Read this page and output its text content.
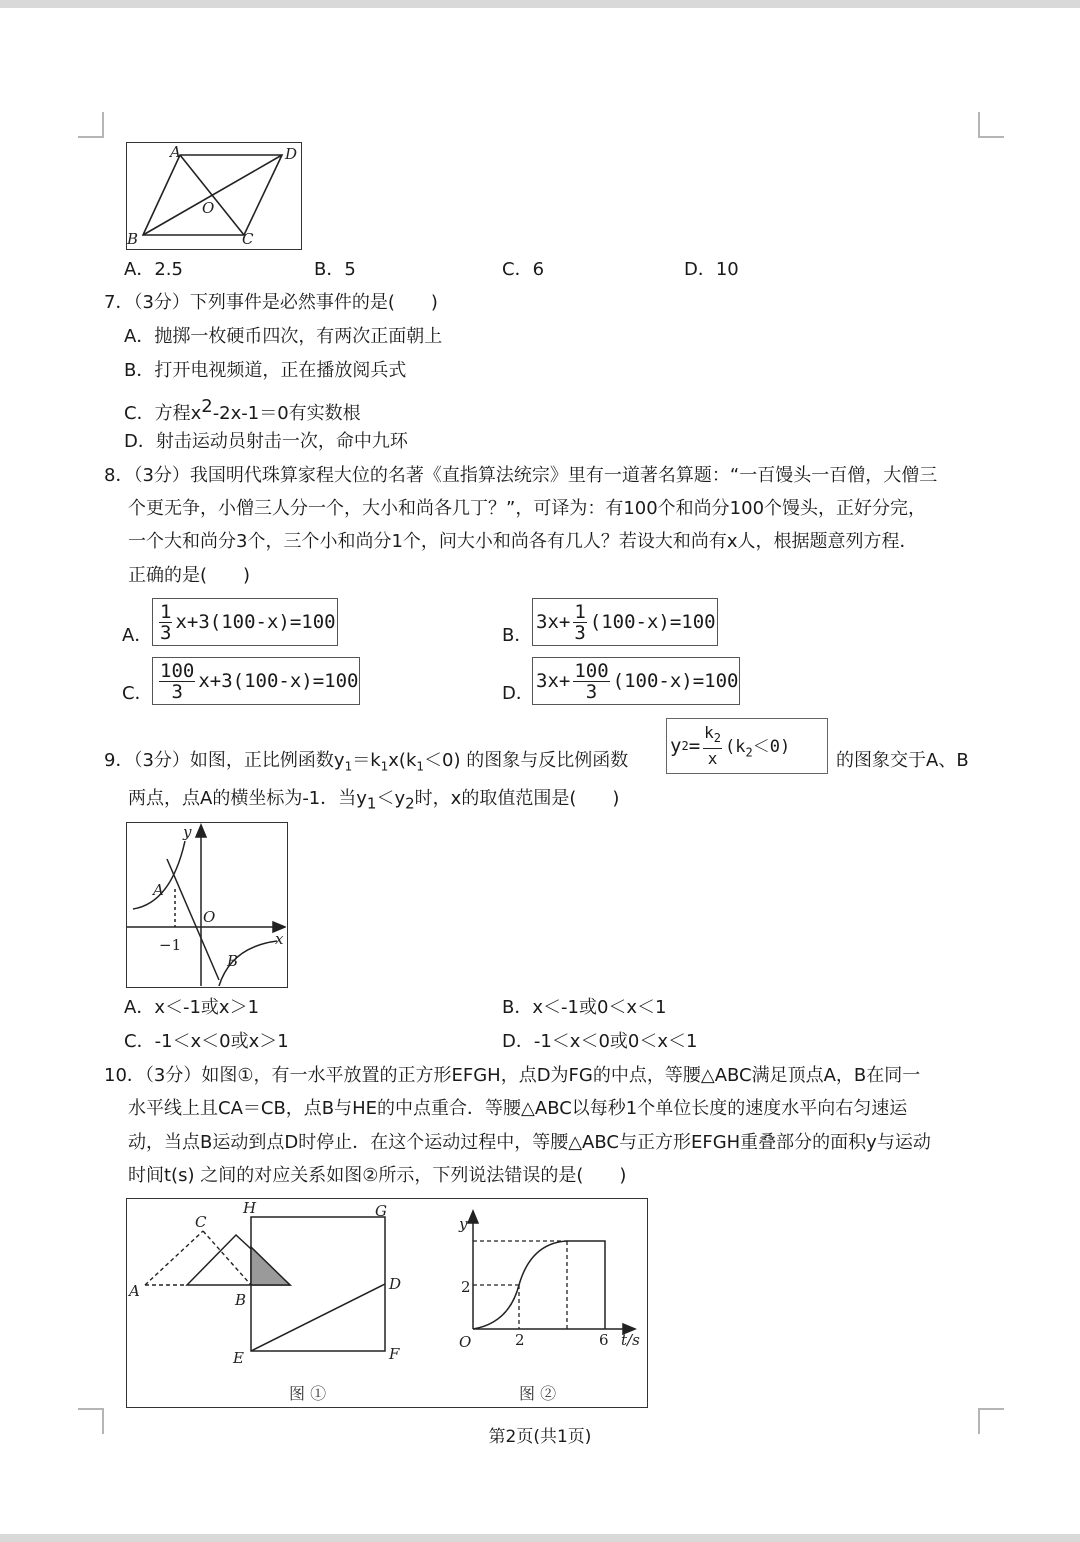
A	D
O
B	C
A．2.5	B．5	C．6	D．10
7．（3分）下列事件是必然事件的是(　　)
A．抛掷一枚硬币四次，有两次正面朝上
B．打开电视频道，正在播放阅兵式
C．方程x2-2x-1＝0有实数根
D．射击运动员射击一次，命中九环
8．（3分）我国明代珠算家程大位的名著《直指算法统宗》里有一道著名算题：“一百馒头一百僧，大僧三
个更无争，小僧三人分一个，大小和尚各几丁？”，可译为：有100个和尚分100个馒头，正好分完，
一个大和尚分3个，三个小和尚分1个，问大小和尚各有几人？若设大和尚有x人，根据题意列方程．
正确的是(　　)
A． $\frac{1}{3} x+3(100-x)=100$
B．
$3x+ \frac{1}{3} (100-x)=100$
C． $\frac{100}{3} x+3(100-x)=100$
D．
$3x+ \frac{100}{3} (100-x)=100$
9．（3分）如图，正比例函数$y_1=k_1x(k_1<0)$ 的图象与反比例函数
y $2 = \frac{k_2}{x} (k_2<0)$
的图象交于A、B
两点，点A的横坐标为-1．当$y_1<y_2$时，x的取值范围是(　　)
y
A
O
−1
B
x
A．x＜-1或x＞1	B．x＜-1或0＜x＜1
C．-1＜x＜0或x＞1	D．-1＜x＜0或0＜x＜1
10．（3分）如图①，有一水平放置的正方形EFGH，点D为FG的中点，等腰△ABC满足顶点A，B在同一
水平线上且CA＝CB，点B与HE的中点重合．等腰△ABC以每秒1个单位长度的速度水平向右匀速运
动，当点B运动到点D时停止．在这个运动过程中，等腰△ABC与正方形EFGH重叠部分的面积y与运动
时间t(s) 之间的对应关系如图②所示，下列说法错误的是(　　)
H	G
C
A	B
D
E	F
图 ①
y
2
O	2	6 t/s
图 ②
第2页(共1页)
